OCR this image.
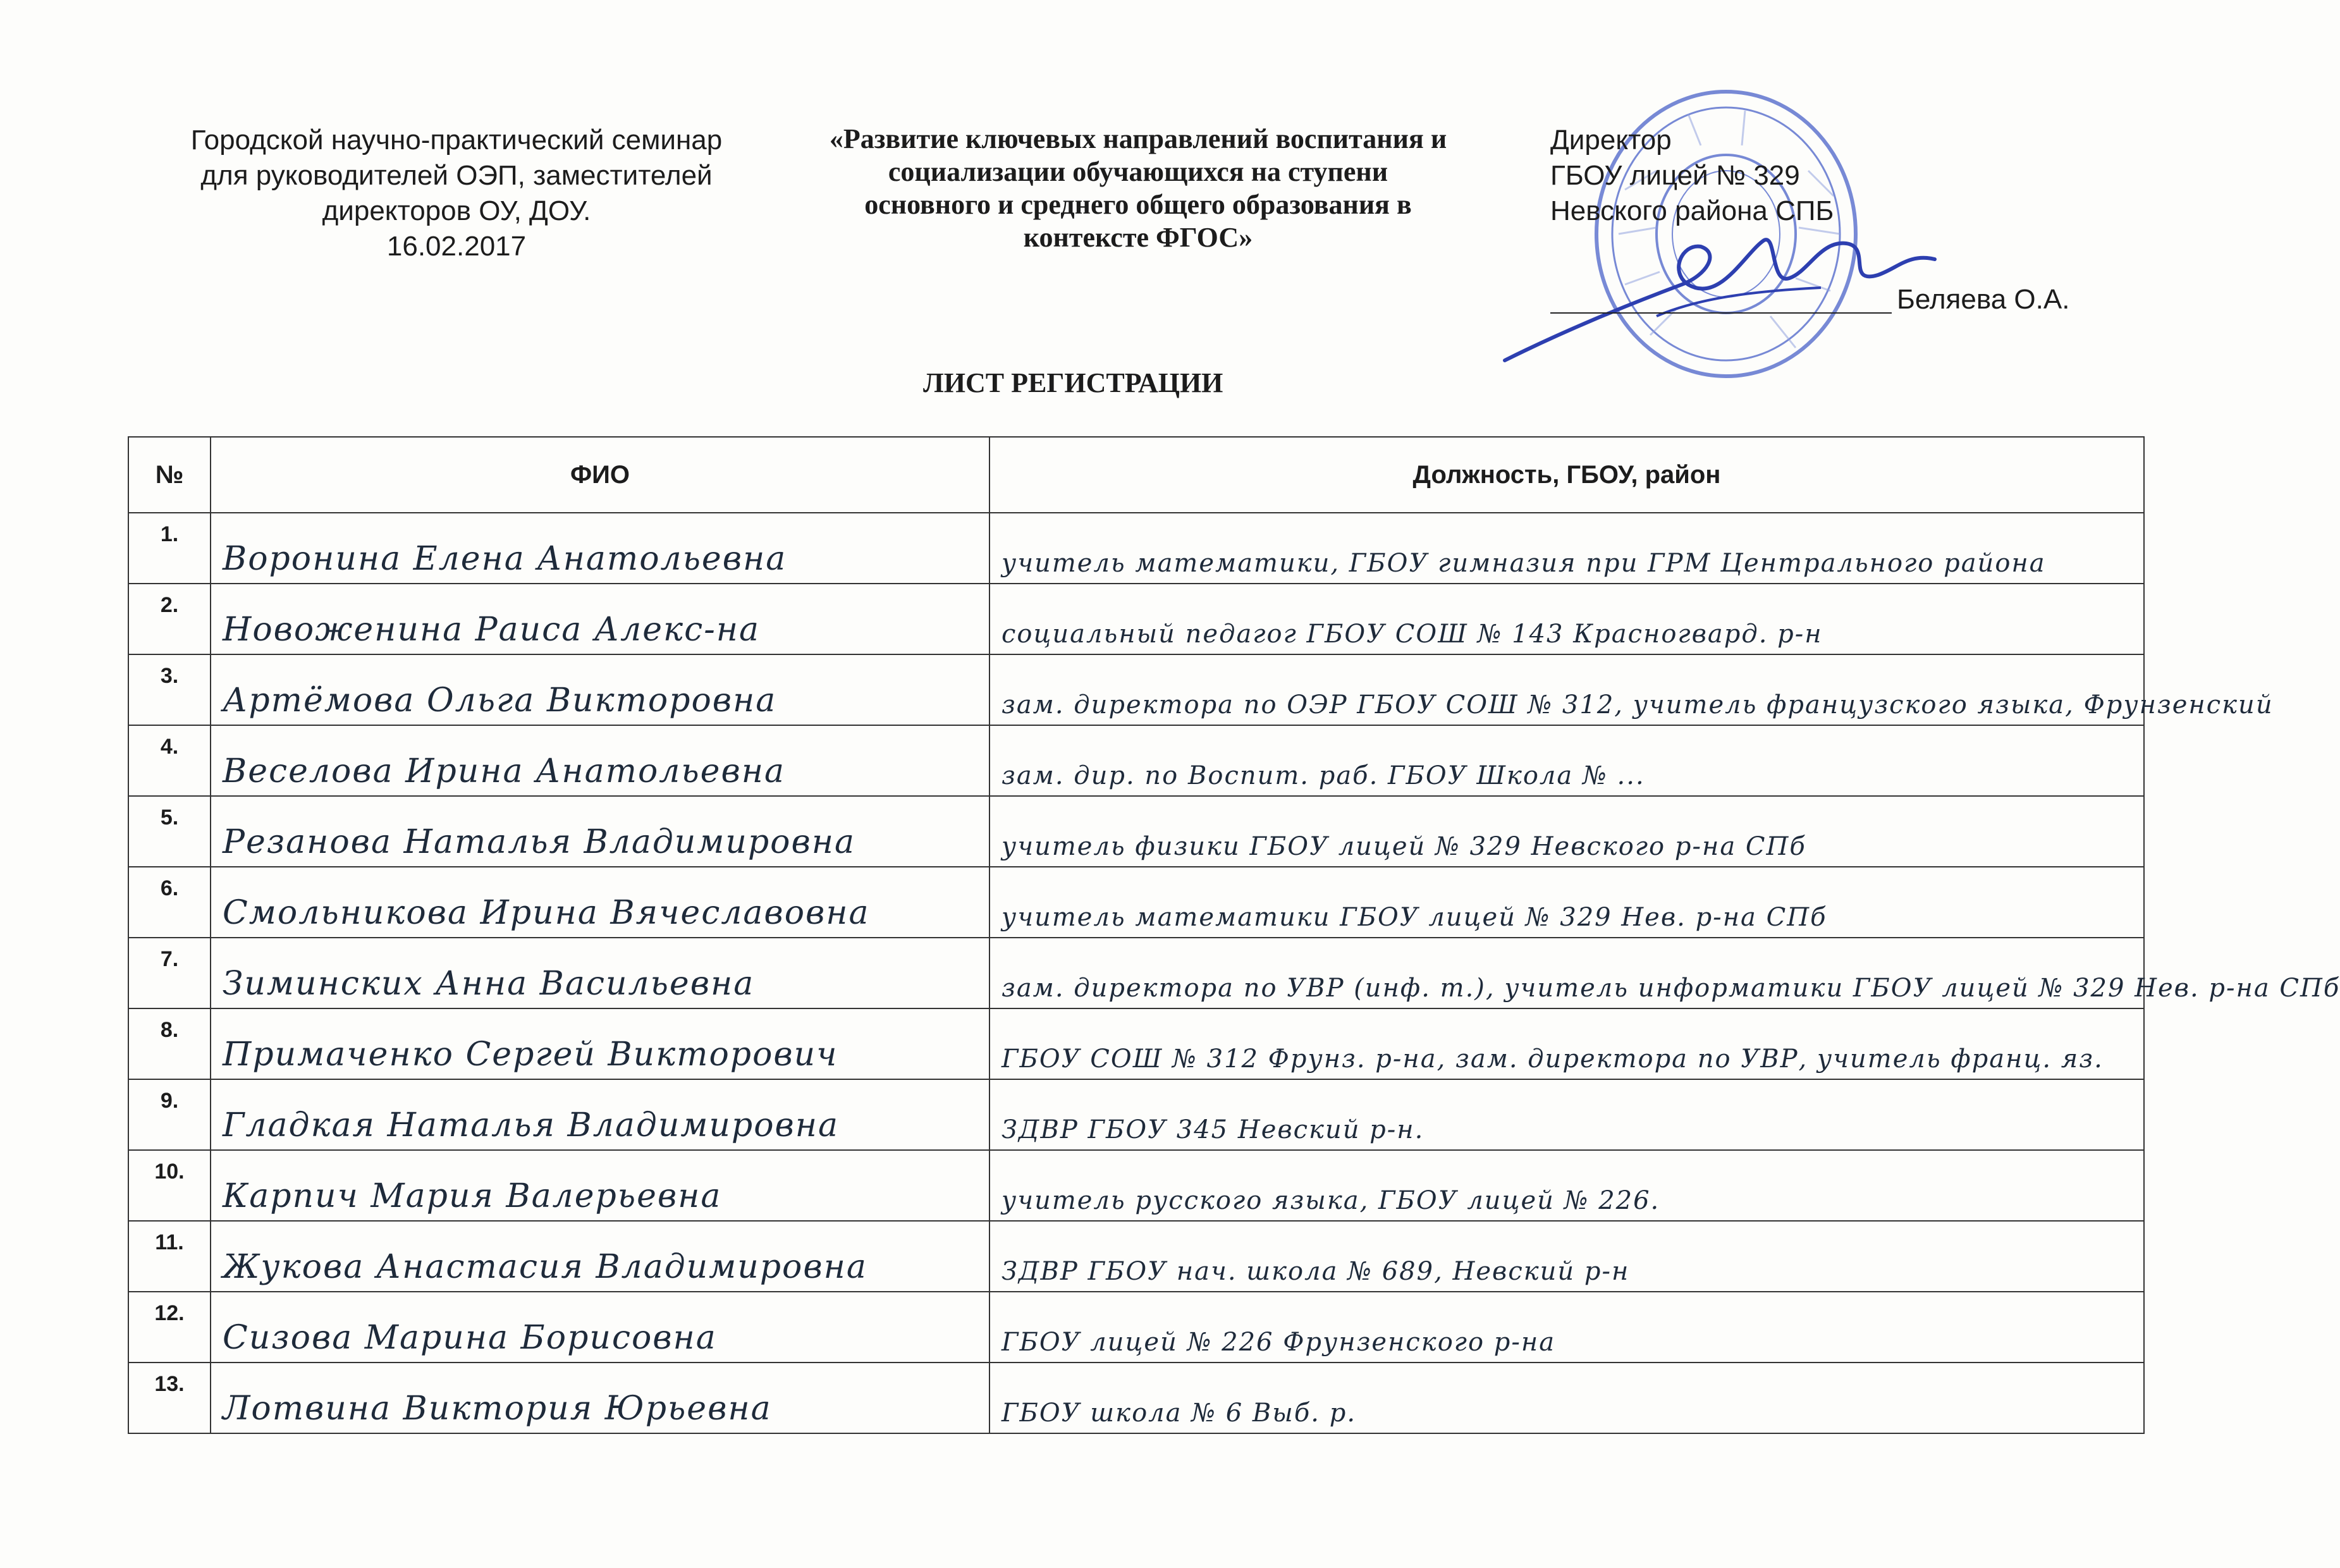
Городской научно-практический семинар
для руководителей ОЭП, заместителей
директоров ОУ, ДОУ.
16.02.2017
«Развитие ключевых направлений воспитания и
социализации обучающихся на ступени
основного и среднего общего образования в
контексте ФГОС»
Директор
ГБОУ лицей № 329
Невского района СПБ
Беляева О.А.
ЛИСТ РЕГИСТРАЦИИ
№	ФИО	Должность, ГБОУ, район

1.	Воронина Елена Анатольевна	учитель математики, ГБОУ гимназия при ГРМ Центрального района

2.	Новоженина Раиса Алекс-на	социальный педагог ГБОУ СОШ № 143 Красногвард. р-н

3.	Артёмова Ольга Викторовна	зам. директора по ОЭР ГБОУ СОШ № 312, учитель французского языка, Фрунзенский

4.	Веселова Ирина Анатольевна	зам. дир. по Воспит. раб. ГБОУ Школа № ...

5.	Резанова Наталья Владимировна	учитель физики ГБОУ лицей № 329 Невского р-на СПб

6.	Смольникова Ирина Вячеславовна	учитель математики ГБОУ лицей № 329 Нев. р-на СПб

7.	Зиминских Анна Васильевна	зам. директора по УВР (инф. т.), учитель информатики ГБОУ лицей № 329 Нев. р-на СПб

8.	Примаченко Сергей Викторович	ГБОУ СОШ № 312 Фрунз. р-на, зам. директора по УВР, учитель франц. яз.

9.	Гладкая Наталья Владимировна	ЗДВР ГБОУ 345 Невский р-н.

10.	Карпич Мария Валерьевна	учитель русского языка, ГБОУ лицей № 226.

11.	Жукова Анастасия Владимировна	ЗДВР ГБОУ нач. школа № 689, Невский р-н

12.	Сизова Марина Борисовна	ГБОУ лицей № 226 Фрунзенского р-на

13.	Лотвина Виктория Юрьевна	ГБОУ школа № 6 Выб. р.
